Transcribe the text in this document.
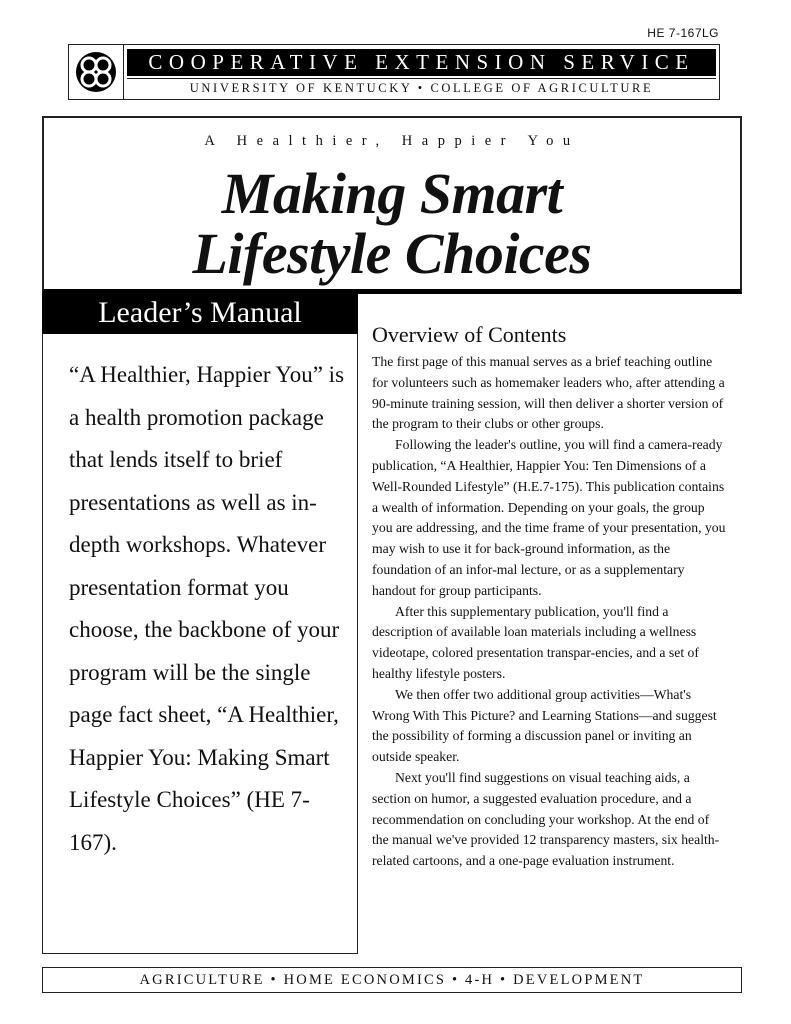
HE 7-167LG
COOPERATIVE EXTENSION SERVICE
UNIVERSITY OF KENTUCKY • COLLEGE OF AGRICULTURE
A Healthier, Happier You
Making Smart
Lifestyle Choices
Leader’s Manual
“A Healthier, Happier You” is a health promotion package that lends itself to brief presentations as well as in-depth workshops. Whatever presentation format you choose, the backbone of your program will be the single page fact sheet, “A Healthier, Happier You: Making Smart Lifestyle Choices” (HE 7-167).
Overview of Contents

The first page of this manual serves as a brief teaching outline for volunteers such as homemaker leaders who, after attending a 90-minute training session, will then deliver a shorter version of the program to their clubs or other groups.

Following the leader's outline, you will find a camera-ready publication, “A Healthier, Happier You: Ten Dimensions of a Well-Rounded Lifestyle” (H.E.7-175). This publication contains a wealth of information. Depending on your goals, the group you are addressing, and the time frame of your presentation, you may wish to use it for back-ground information, as the foundation of an infor-mal lecture, or as a supplementary handout for group participants.

After this supplementary publication, you'll find a description of available loan materials including a wellness videotape, colored presentation transpar-encies, and a set of healthy lifestyle posters.

We then offer two additional group activities—What's Wrong With This Picture? and Learning Stations—and suggest the possibility of forming a discussion panel or inviting an outside speaker.

Next you'll find suggestions on visual teaching aids, a section on humor, a suggested evaluation procedure, and a recommendation on concluding your workshop. At the end of the manual we've provided 12 transparency masters, six health-related cartoons, and a one-page evaluation instrument.

AGRICULTURE • HOME ECONOMICS • 4-H • DEVELOPMENT
